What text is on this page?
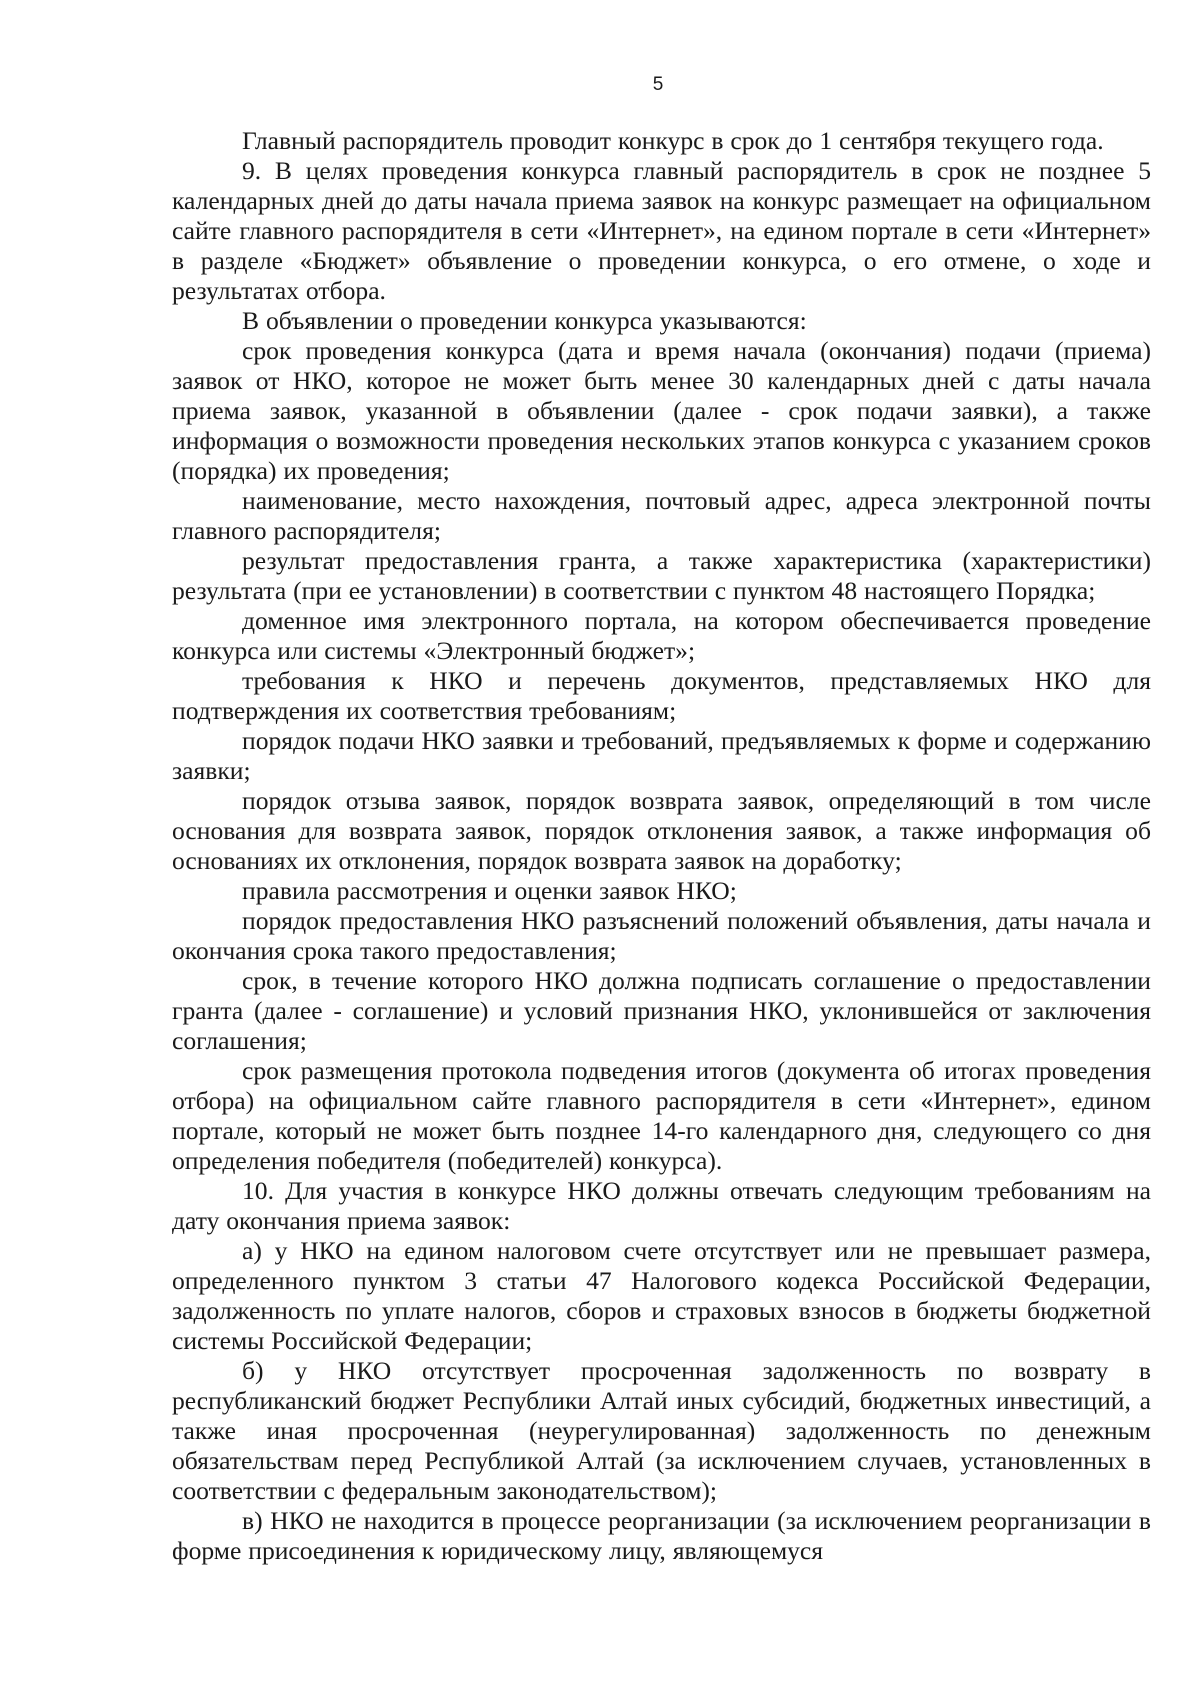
5

Главный распорядитель проводит конкурс в срок до 1 сентября текущего года.

9. В целях проведения конкурса главный распорядитель в срок не позднее 5 календарных дней до даты начала приема заявок на конкурс размещает на официальном сайте главного распорядителя в сети «Интернет», на едином портале в сети «Интернет» в разделе «Бюджет» объявление о проведении конкурса, о его отмене, о ходе и результатах отбора.

В объявлении о проведении конкурса указываются:

срок проведения конкурса (дата и время начала (окончания) подачи (приема) заявок от НКО, которое не может быть менее 30 календарных дней с даты начала приема заявок, указанной в объявлении (далее - срок подачи заявки), а также информация о возможности проведения нескольких этапов конкурса с указанием сроков (порядка) их проведения;

наименование, место нахождения, почтовый адрес, адреса электронной почты главного распорядителя;

результат предоставления гранта, а также характеристика (характеристики) результата (при ее установлении) в соответствии с пунктом 48 настоящего Порядка;

доменное имя электронного портала, на котором обеспечивается проведение конкурса или системы «Электронный бюджет»;

требования к НКО и перечень документов, представляемых НКО для подтверждения их соответствия требованиям;

порядок подачи НКО заявки и требований, предъявляемых к форме и содержанию заявки;

порядок отзыва заявок, порядок возврата заявок, определяющий в том числе основания для возврата заявок, порядок отклонения заявок, а также информация об основаниях их отклонения, порядок возврата заявок на доработку;

правила рассмотрения и оценки заявок НКО;

порядок предоставления НКО разъяснений положений объявления, даты начала и окончания срока такого предоставления;

срок, в течение которого НКО должна подписать соглашение о предоставлении гранта (далее - соглашение) и условий признания НКО, уклонившейся от заключения соглашения;

срок размещения протокола подведения итогов (документа об итогах проведения отбора) на официальном сайте главного распорядителя в сети «Интернет», едином портале, который не может быть позднее 14-го календарного дня, следующего со дня определения победителя (победителей) конкурса).

10. Для участия в конкурсе НКО должны отвечать следующим требованиям на дату окончания приема заявок:

а) у НКО на едином налоговом счете отсутствует или не превышает размера, определенного пунктом 3 статьи 47 Налогового кодекса Российской Федерации, задолженность по уплате налогов, сборов и страховых взносов в бюджеты бюджетной системы Российской Федерации;

б) у НКО отсутствует просроченная задолженность по возврату в республиканский бюджет Республики Алтай иных субсидий, бюджетных инвестиций, а также иная просроченная (неурегулированная) задолженность по денежным обязательствам перед Республикой Алтай (за исключением случаев, установленных в соответствии с федеральным законодательством);

в) НКО не находится в процессе реорганизации (за исключением реорганизации в форме присоединения к юридическому лицу, являющемуся
